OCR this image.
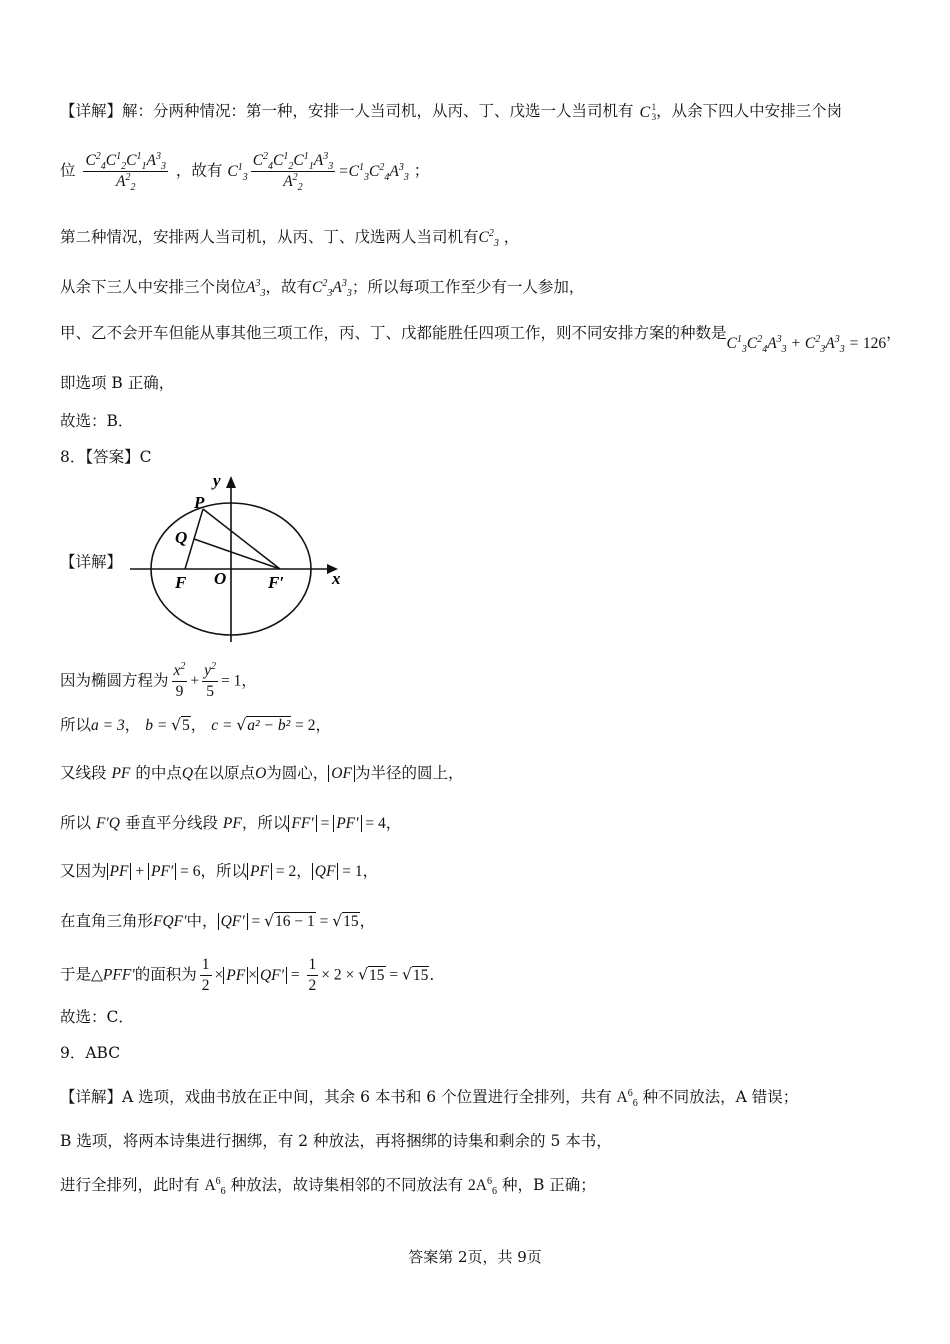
【详解】解：分两种情况：第一种，安排一人当司机，从丙、丁、戊选一人当司机有 C 1
3 ，从余下四人中安排三个岗
位 $\frac{C^2_4C^1_2C^1_1A^3_3}{A^2_2}$ ，故有 $C^1_3 \frac{C^2_4C^1_2C^1_1A^3_3}{A^2_2} =C^1_3C^2_4A^3_3$ ；
第二种情况，安排两人当司机，从丙、丁、戊选两人当司机有$C^2_3$ ，
从余下三人中安排三个岗位$A^3_3$，故有$C^2_3A^3_3$；所以每项工作至少有一人参加，
甲、乙不会开车但能从事其他三项工作，丙、丁、戊都能胜任四项工作，则不同安排方案的种数是$C^1_3C^2_4A^3_3 + C^2_3A^3_3 = 126$，
即选项 B 正确，
故选：B．
8．【答案】C
【详解】
y
P
Q
F O F′	x
因为椭圆方程为 $\frac{x^2}{9} + \frac{y^2}{5} = 1$，
所以a = 3， b = √5， c = √a² − b² = 2，
又线段 PF 的中点Q在以原点O为圆心， OF 为半径的圆上，
所以 F′Q 垂直平分线段 PF，所以 FF′ = PF′ = 4，
又因为 PF + PF′ = 6，所以 PF = 2， QF = 1，
在直角三角形FQF′中， QF′ = √16 − 1 = √15，
于是△PFF′的面积为 $\frac{1}{2}$ × PF × $QF' = \frac{1}{2} \times 2 \times √15 = √15$．
故选：C．
9．ABC
【详解】A 选项，戏曲书放在正中间，其余 6 本书和 6 个位置进行全排列，共有 $A^6_6$ 种不同放法，A 错误；
B 选项，将两本诗集进行捆绑，有 2 种放法，再将捆绑的诗集和剩余的 5 本书，
进行全排列，此时有 $A^6_6$ 种放法，故诗集相邻的不同放法有 $2A^6_6$ 种，B 正确；
答案第 2页，共 9页
